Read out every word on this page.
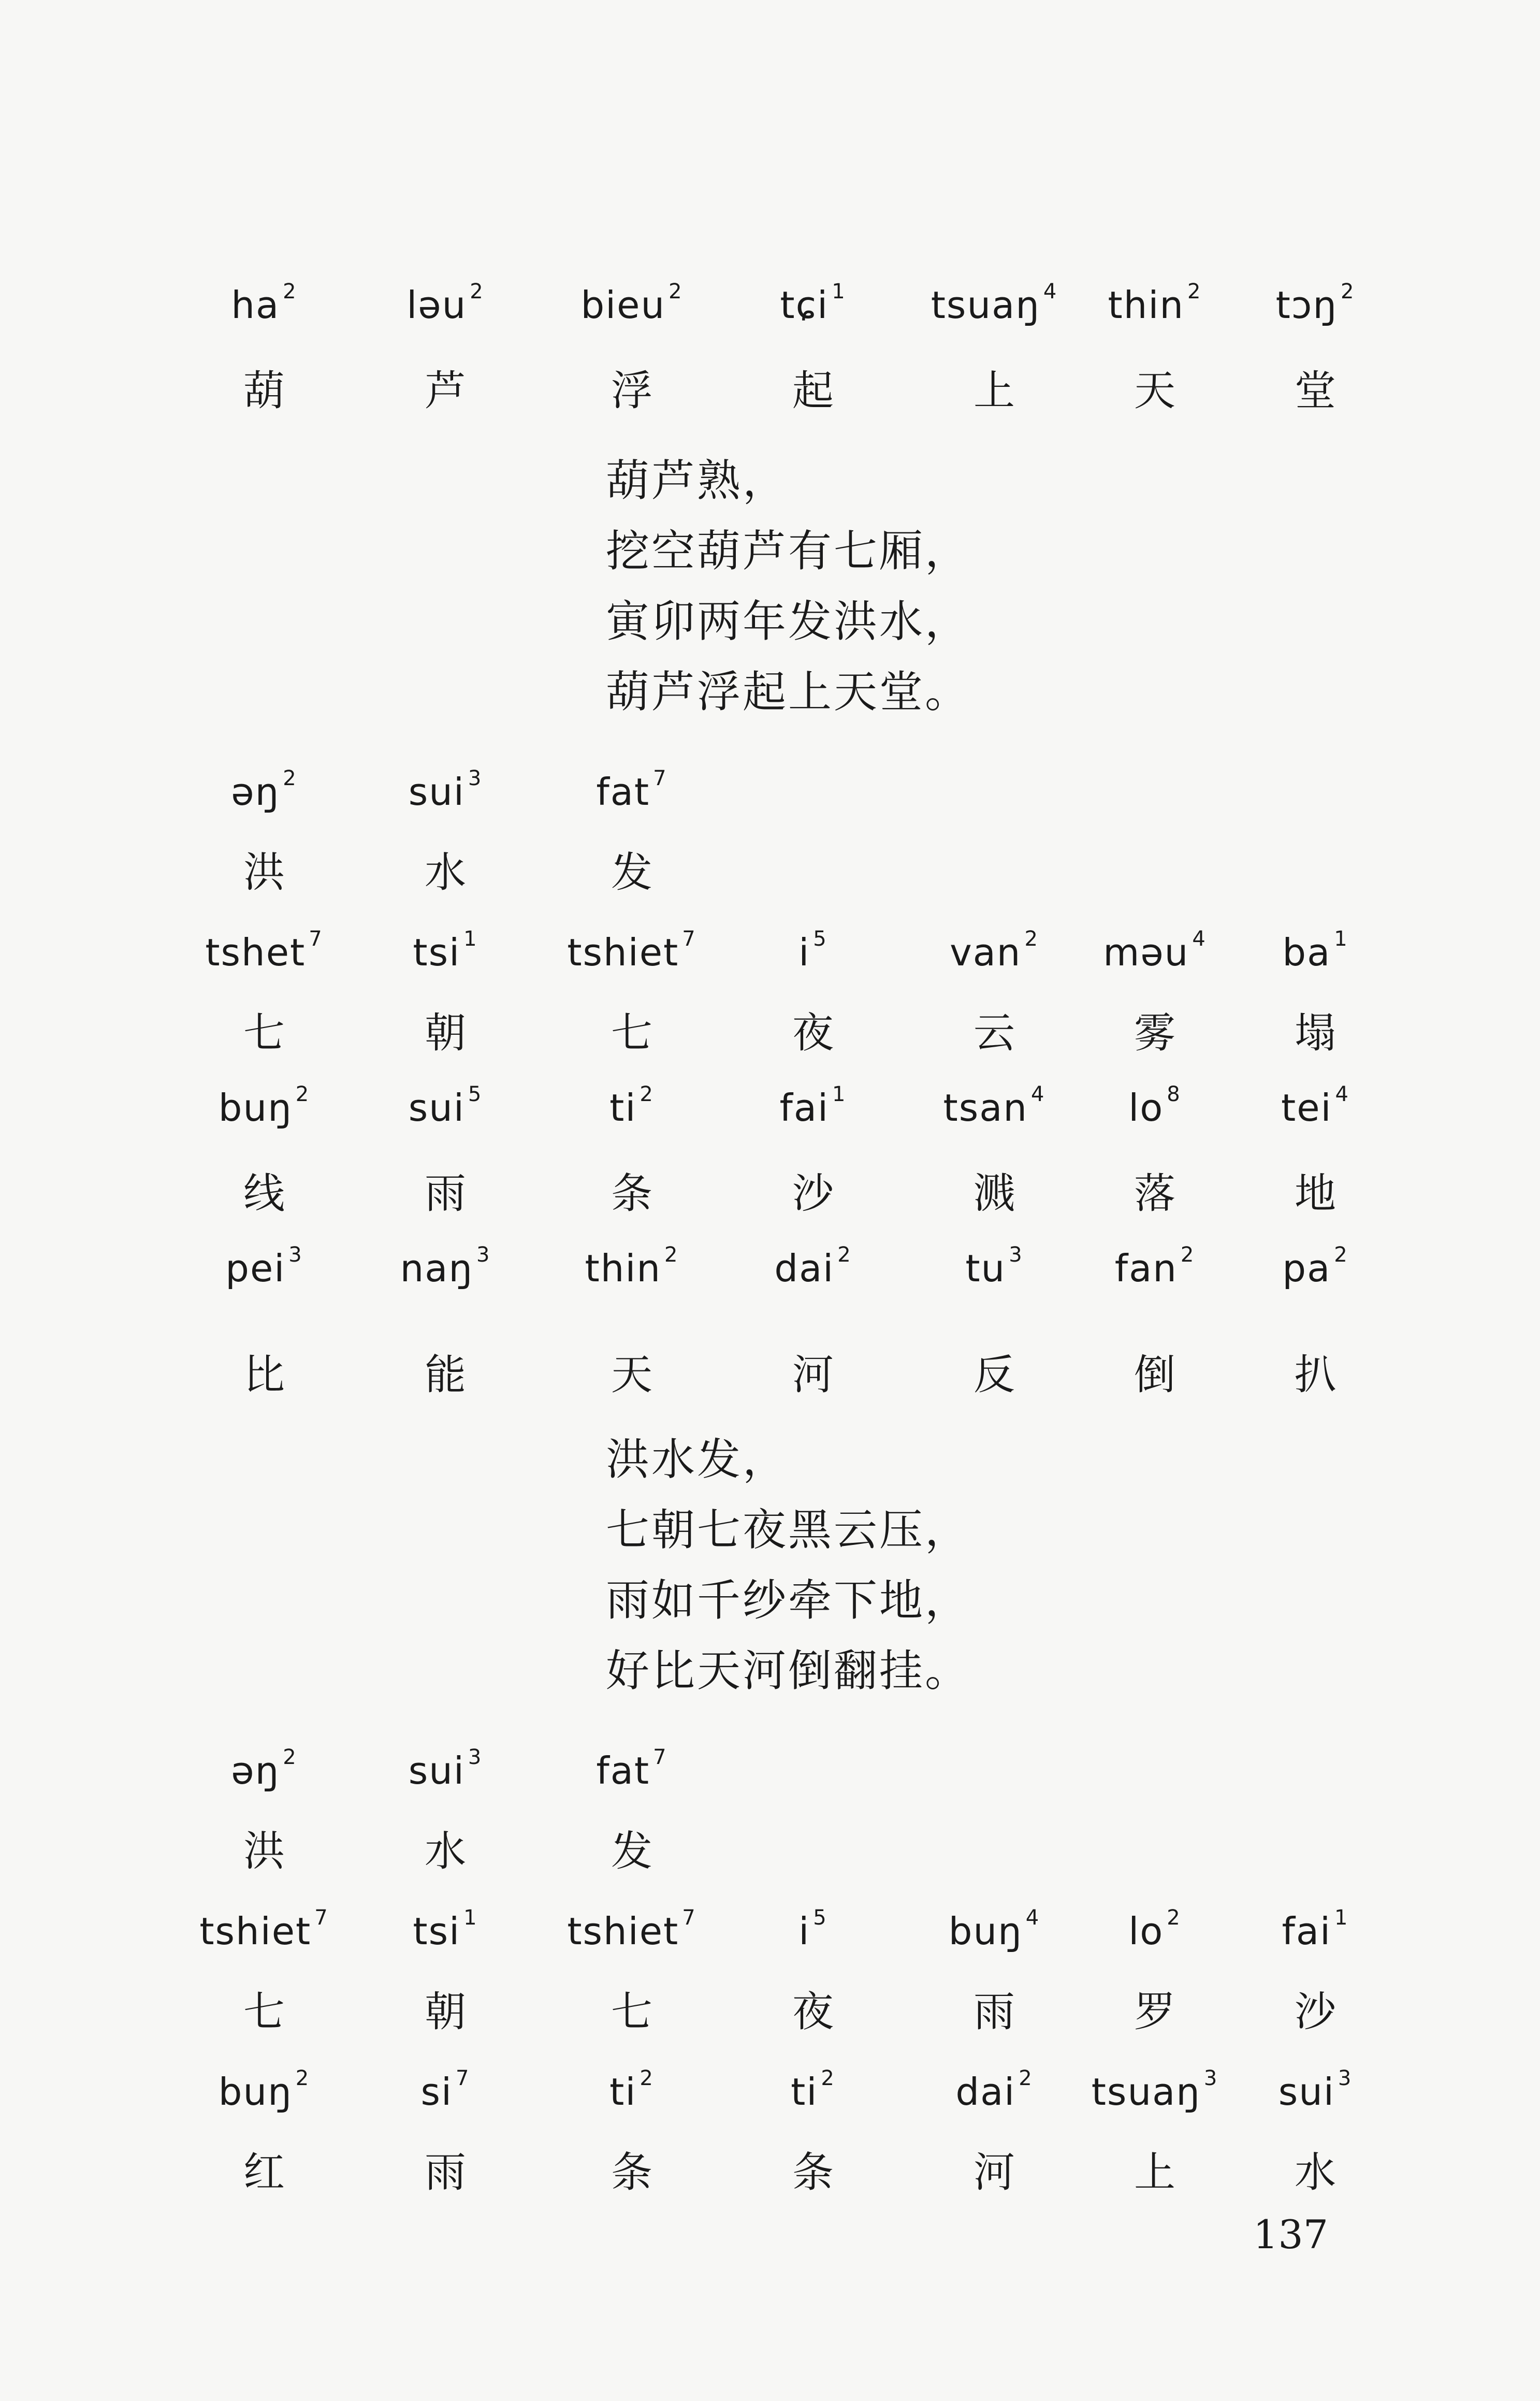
ha $^2$	ləu $^2$	bieu $^2$	tɕi $^1$	tsuaŋ $^4$	thin $^2$	tɔŋ $^2$
葫	芦	浮	起	上	天	堂
葫芦熟，
挖空葫芦有七厢，
寅卯两年发洪水，
葫芦浮起上天堂。
əŋ $^2$	sui $^3$	fat $^7$
洪	水	发
tshet $^7$	tsi $^1$	tshiet $^7$	i $^5$	van $^2$	məu $^4$	ba $^1$
七	朝	七	夜	云	雾	塌
buŋ $^2$	sui $^5$	ti $^2$	fai $^1$	tsan $^4$	lo $^8$	tei $^4$
线	雨	条	沙	溅	落	地
pei $^3$	naŋ $^3$	thin $^2$	dai $^2$	tu $^3$	fan $^2$	pa $^2$
比	能	天	河	反	倒	扒
洪水发，
七朝七夜黑云压，
雨如千纱牵下地，
好比天河倒翻挂。
əŋ $^2$	sui $^3$	fat $^7$
洪	水	发
tshiet $^7$	tsi $^1$	tshiet $^7$	i $^5$	buŋ $^4$	lo $^2$	fai $^1$
七	朝	七	夜	雨	罗	沙
buŋ $^2$	si $^7$	ti $^2$	ti $^2$	dai $^2$	tsuaŋ $^3$	sui $^3$
红	雨	条	条	河	上	水
137
